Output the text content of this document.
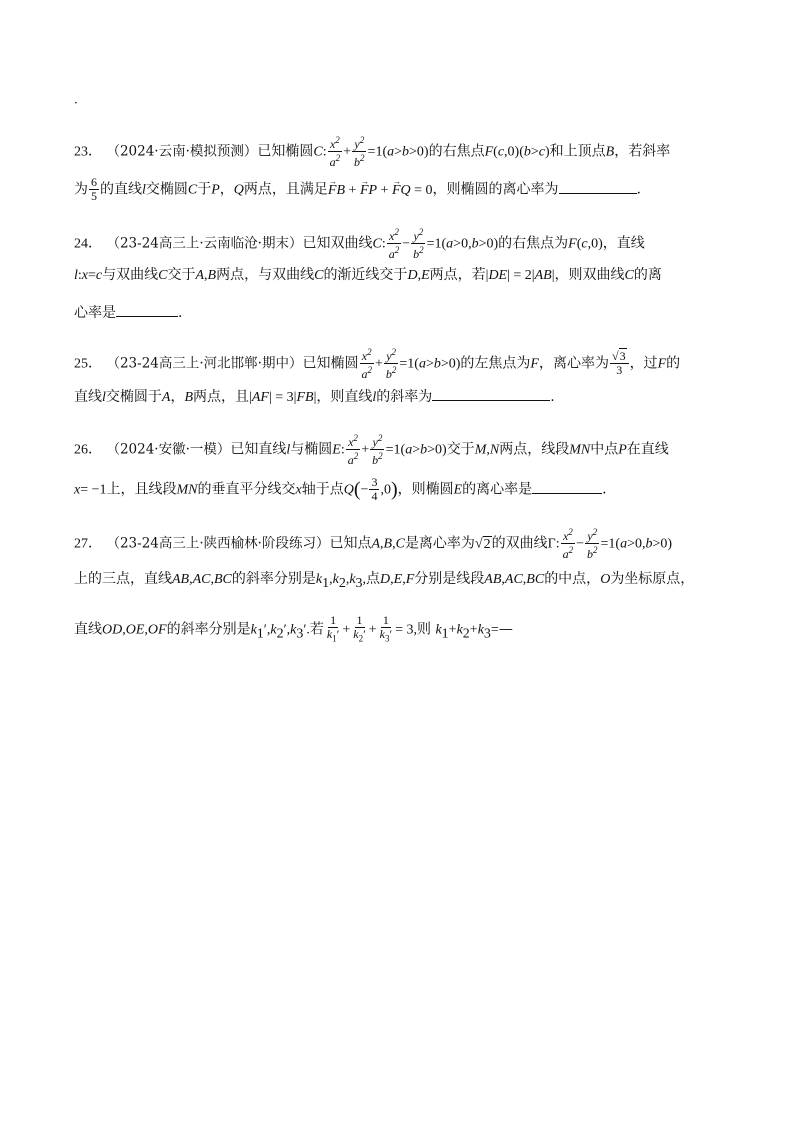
·
23． （2024·云南·模拟预测）已知椭圆C: $\frac{x^2}{a^2} + \frac{y^2}{b^2} =1(a>b>0)$的右焦点F(c,0)(b>c)和上顶点B，若斜率
为 $\frac{6}{5}$ 的直线l交椭圆C于P，Q两点，且满足→ FB + → FP + → FQ = 0，则椭圆的离心率为	.
24． （23-24高三上·云南临沧·期末）已知双曲线C: $\frac{x^2}{a^2} - \frac{y^2}{b^2} =1(a>0,b>0)$的右焦点为F(c,0)，直线
l:x=c与双曲线C交于A,B两点，与双曲线C的渐近线交于D,E两点，若|DE| = 2|AB|，则双曲线C的离
心率是	.
25． （23-24高三上·河北邯郸·期中）已知椭圆 $\frac{x^2}{a^2} + \frac{y^2}{b^2} =1(a>b>0)$的左焦点为F，离心率为 $\frac{√3}{3}$ ，过F的
直线l交椭圆于A，B两点，且|AF| = 3|FB|，则直线l的斜率为	.
26． （2024·安徽·一模）已知直线l与椭圆E: $\frac{x^2}{a^2} + \frac{y^2}{b^2} =1(a>b>0)$交于M,N两点，线段MN中点P在直线
x= −1上，且线段MN的垂直平分线交x轴于点$Q(- \frac{3}{4} ,0)$，则椭圆E的离心率是	.
27． （23-24高三上·陕西榆林·阶段练习）已知点A,B,C是离心率为√2的双曲线Γ: $\frac{x^2}{a^2} - \frac{y^2}{b^2} =1(a>0,b>0)$
上的三点，直线AB,AC,BC的斜率分别是$k_1,k_2,k_3$,点D,E,F分别是线段AB,AC,BC的中点，O为坐标原点，
直线OD,OE,OF的斜率分别是$k_1',k_2',k_3'$.若 $\frac{1}{k_1'} + \frac{1}{k_2'} + \frac{1}{k_3'} = 3$,则 $k_1+k_2+k_3=—$
